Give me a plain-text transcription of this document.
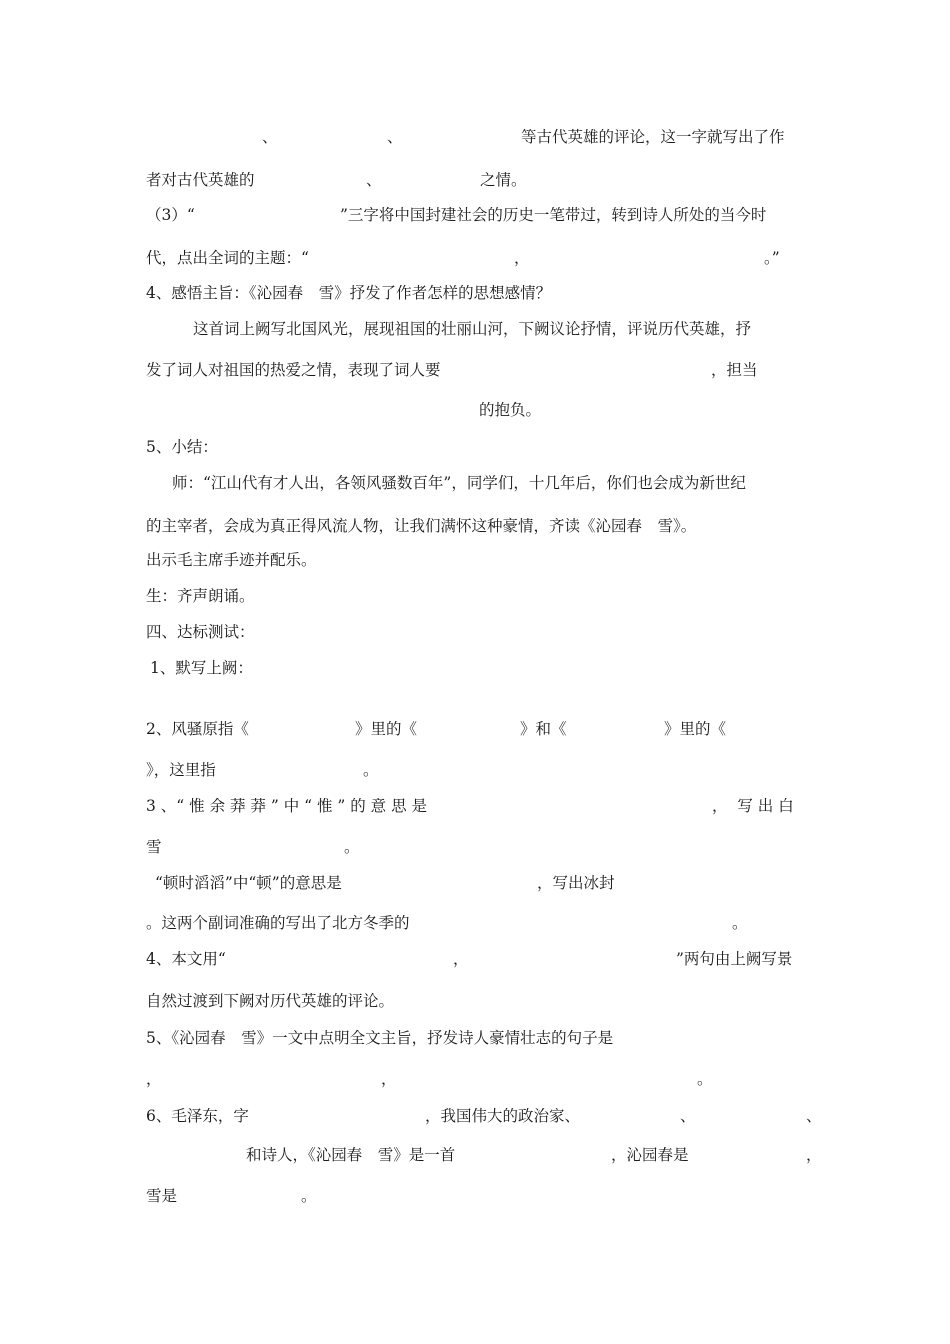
、	、	等古代英雄的评论，这一字就写出了作
者对古代英雄的	、	之情。
（3）“	”三字将中国封建社会的历史一笔带过，转到诗人所处的当今时
代，点出全词的主题：“	，	。”
4、感悟主旨：《沁园春　雪》抒发了作者怎样的思想感情？
这首词上阙写北国风光，展现祖国的壮丽山河，下阙议论抒情，评说历代英雄，抒
发了词人对祖国的热爱之情，表现了词人要	，担当
的抱负。
5、小结：
师：“江山代有才人出，各领风骚数百年”，同学们，十几年后，你们也会成为新世纪
的主宰者，会成为真正得风流人物，让我们满怀这种豪情，齐读《沁园春　雪》。
出示毛主席手迹并配乐。
生：齐声朗诵。
四、达标测试：
1、默写上阙：
2、风骚原指《	》里的《	》和《	》里的《
》，这里指	。
3 、“ 惟 余 莽 莽 ” 中 “ 惟 ” 的 意 思 是	，  写 出 白
雪	。
“顿时滔滔”中“顿”的意思是	，写出冰封
。这两个副词准确的写出了北方冬季的	。
4、本文用“	，	”两句由上阙写景
自然过渡到下阙对历代英雄的评论。
5、《沁园春　雪》一文中点明全文主旨，抒发诗人豪情壮志的句子是
，	，	。
6、毛泽东，字	，我国伟大的政治家、	、	、
和诗人，《沁园春　雪》是一首	，沁园春是	，
雪是	。
